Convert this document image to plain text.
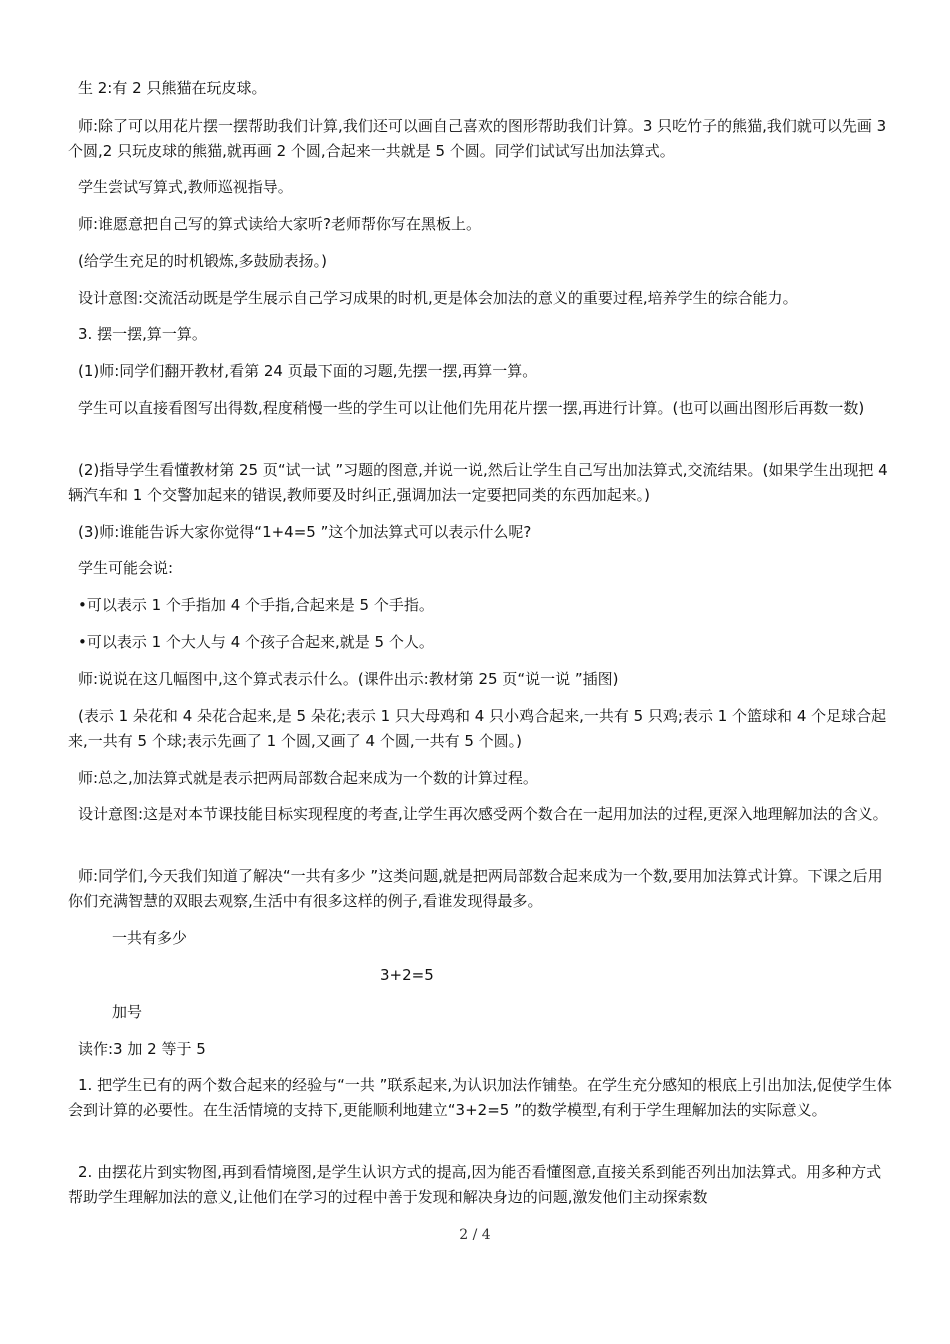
生 2:有 2 只熊猫在玩皮球。

师:除了可以用花片摆一摆帮助我们计算,我们还可以画自己喜欢的图形帮助我们计算。3 只吃竹子的熊猫,我们就可以先画 3 个圆,2 只玩皮球的熊猫,就再画 2 个圆,合起来一共就是 5 个圆。同学们试试写出加法算式。

学生尝试写算式,教师巡视指导。

师:谁愿意把自己写的算式读给大家听?老师帮你写在黑板上。

(给学生充足的时机锻炼,多鼓励表扬。)

设计意图:交流活动既是学生展示自己学习成果的时机,更是体会加法的意义的重要过程,培养学生的综合能力。

3. 摆一摆,算一算。

(1)师:同学们翻开教材,看第 24 页最下面的习题,先摆一摆,再算一算。

学生可以直接看图写出得数,程度稍慢一些的学生可以让他们先用花片摆一摆,再进行计算。(也可以画出图形后再数一数)

(2)指导学生看懂教材第 25 页“试一试 ”习题的图意,并说一说,然后让学生自己写出加法算式,交流结果。(如果学生出现把 4 辆汽车和 1 个交警加起来的错误,教师要及时纠正,强调加法一定要把同类的东西加起来。)

(3)师:谁能告诉大家你觉得“1+4=5 ”这个加法算式可以表示什么呢?

学生可能会说:

•可以表示 1 个手指加 4 个手指,合起来是 5 个手指。

•可以表示 1 个大人与 4 个孩子合起来,就是 5 个人。

师:说说在这几幅图中,这个算式表示什么。(课件出示:教材第 25 页“说一说 ”插图)

(表示 1 朵花和 4 朵花合起来,是 5 朵花;表示 1 只大母鸡和 4 只小鸡合起来,一共有 5 只鸡;表示 1 个篮球和 4 个足球合起来,一共有 5 个球;表示先画了 1 个圆,又画了 4 个圆,一共有 5 个圆。)

师:总之,加法算式就是表示把两局部数合起来成为一个数的计算过程。

设计意图:这是对本节课技能目标实现程度的考查,让学生再次感受两个数合在一起用加法的过程,更深入地理解加法的含义。

师:同学们,今天我们知道了解决“一共有多少 ”这类问题,就是把两局部数合起来成为一个数,要用加法算式计算。下课之后用你们充满智慧的双眼去观察,生活中有很多这样的例子,看谁发现得最多。

一共有多少
3+2=5
加号

读作:3 加 2 等于 5

1. 把学生已有的两个数合起来的经验与“一共 ”联系起来,为认识加法作铺垫。在学生充分感知的根底上引出加法,促使学生体会到计算的必要性。在生活情境的支持下,更能顺利地建立“3+2=5 ”的数学模型,有利于学生理解加法的实际意义。

2. 由摆花片到实物图,再到看情境图,是学生认识方式的提高,因为能否看懂图意,直接关系到能否列出加法算式。用多种方式帮助学生理解加法的意义,让他们在学习的过程中善于发现和解决身边的问题,激发他们主动探索数

2 / 4
